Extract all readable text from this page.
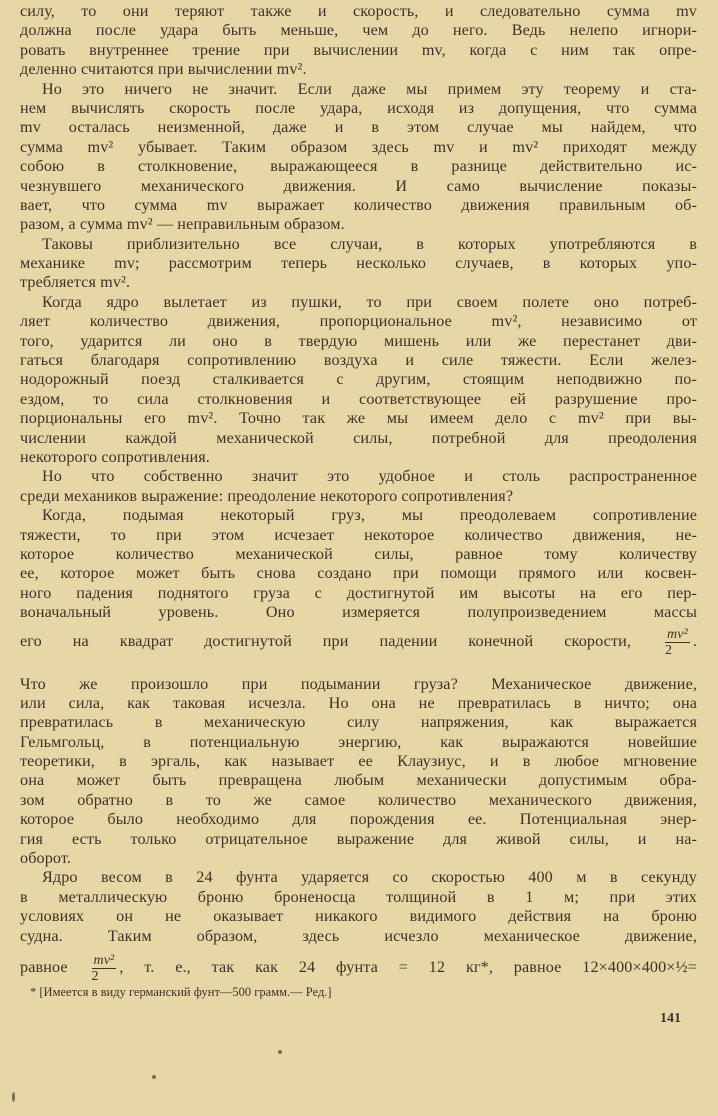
силу, то они теряют также и скорость, и следовательно сумма mv
должна после удара быть меньше, чем до него. Ведь нелепо игнори-
ровать внутреннее трение при вычислении mv, когда с ним так опре-
деленно считаются при вычислении mv².
Но это ничего не значит. Если даже мы примем эту теорему и ста-
нем вычислять скорость после удара, исходя из допущения, что сумма
mv осталась неизменной, даже и в этом случае мы найдем, что
сумма mv² убывает. Таким образом здесь mv и mv² приходят между
собою в столкновение, выражающееся в разнице действительно ис-
чезнувшего механического движения. И само вычисление показы-
вает, что сумма mv выражает количество движения правильным об-
разом, а сумма mv² — неправильным образом.
Таковы приблизительно все случаи, в которых употребляются в
механике mv; рассмотрим теперь несколько случаев, в которых упо-
требляется mv².
Когда ядро вылетает из пушки, то при своем полете оно потреб-
ляет количество движения, пропорциональное mv², независимо от
того, ударится ли оно в твердую мишень или же перестанет дви-
гаться благодаря сопротивлению воздуха и силе тяжести. Если желез-
нодорожный поезд сталкивается с другим, стоящим неподвижно по-
ездом, то сила столкновения и соответствующее ей разрушение про-
порциональны его mv². Точно так же мы имеем дело с mv² при вы-
числении каждой механической силы, потребной для преодоления
некоторого сопротивления.
Но что собственно значит это удобное и столь распространенное
среди механиков выражение: преодоление некоторого сопротивления?
Когда, подымая некоторый груз, мы преодолеваем сопротивление
тяжести, то при этом исчезает некоторое количество движения, не-
которое количество механической силы, равное тому количеству
ее, которое может быть снова создано при помощи прямого или косвен-
ного падения поднятого груза с достигнутой им высоты на его пер-
воначальный уровень. Оно измеряется полупроизведением массы
его на квадрат достигнутой при падении конечной скорости, $\frac{\text{mv²}}{2}$ .
Что же произошло при подымании груза? Механическое движение,
или сила, как таковая исчезла. Но она не превратилась в ничто; она
превратилась в механическую силу напряжения, как выражается
Гельмгольц, в потенциальную энергию, как выражаются новейшие
теоретики, в эргаль, как называет ее Клаузиус, и в любое мгновение
она может быть превращена любым механически допустимым обра-
зом обратно в то же самое количество механического движения,
которое было необходимо для порождения ее. Потенциальная энер-
гия есть только отрицательное выражение для живой силы, и на-
оборот.
Ядро весом в 24 фунта ударяется со скоростью 400 м в секунду
в металлическую броню броненосца толщиной в 1 м; при этих
условиях он не оказывает никакого видимого действия на броню
судна. Таким образом, здесь исчезло механическое движение,
равное $\frac{\text{mv²}}{2}$ , т. е., так как 24 фунта = 12 кг*, равное 12×400×400×½=
* [Имеется в виду германский фунт—500 грамм.— Ред.]
141
